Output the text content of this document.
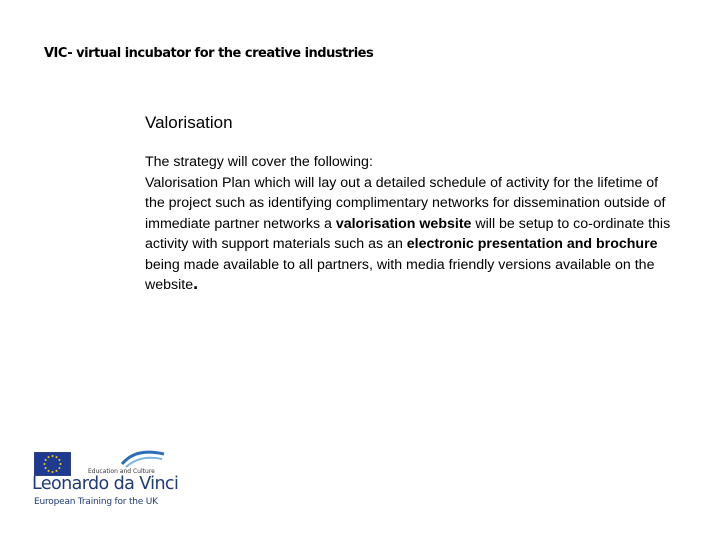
VIC- virtual incubator for the creative industries
Valorisation
The strategy will cover the following:
Valorisation Plan which will lay out a detailed schedule of activity for the lifetime of the project such as identifying complimentary networks for dissemination outside of immediate partner networks a valorisation website will be setup to co-ordinate this activity with support materials such as an electronic presentation and brochure being made available to all partners, with media friendly versions available on the website.
Education and Culture
Leonardo da Vinci
European Training for the UK
